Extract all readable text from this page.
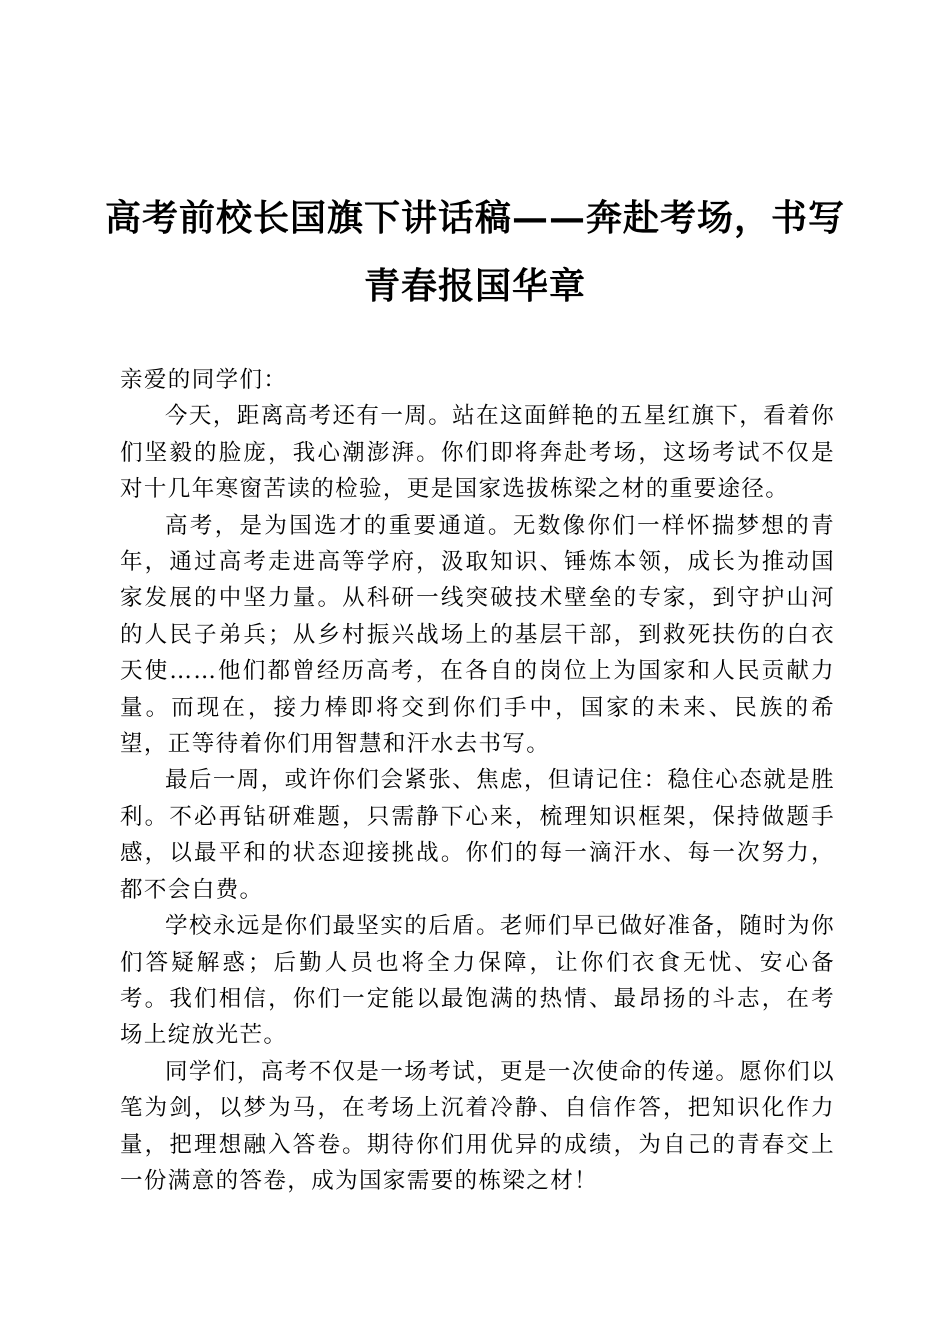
高考前校长国旗下讲话稿——奔赴考场，书写
青春报国华章

亲爱的同学们：

今天，距离高考还有一周。站在这面鲜艳的五星红旗下，看着你们坚毅的脸庞，我心潮澎湃。你们即将奔赴考场，这场考试不仅是对十几年寒窗苦读的检验，更是国家选拔栋梁之材的重要途径。

高考，是为国选才的重要通道。无数像你们一样怀揣梦想的青年，通过高考走进高等学府，汲取知识、锤炼本领，成长为推动国家发展的中坚力量。从科研一线突破技术壁垒的专家，到守护山河的人民子弟兵；从乡村振兴战场上的基层干部，到救死扶伤的白衣天使……他们都曾经历高考，在各自的岗位上为国家和人民贡献力量。而现在，接力棒即将交到你们手中，国家的未来、民族的希望，正等待着你们用智慧和汗水去书写。

最后一周，或许你们会紧张、焦虑，但请记住：稳住心态就是胜利。不必再钻研难题，只需静下心来，梳理知识框架，保持做题手感，以最平和的状态迎接挑战。你们的每一滴汗水、每一次努力，都不会白费。

学校永远是你们最坚实的后盾。老师们早已做好准备，随时为你们答疑解惑；后勤人员也将全力保障，让你们衣食无忧、安心备考。我们相信，你们一定能以最饱满的热情、最昂扬的斗志，在考场上绽放光芒。

同学们，高考不仅是一场考试，更是一次使命的传递。愿你们以笔为剑，以梦为马，在考场上沉着冷静、自信作答，把知识化作力量，把理想融入答卷。期待你们用优异的成绩，为自己的青春交上一份满意的答卷，成为国家需要的栋梁之材！
